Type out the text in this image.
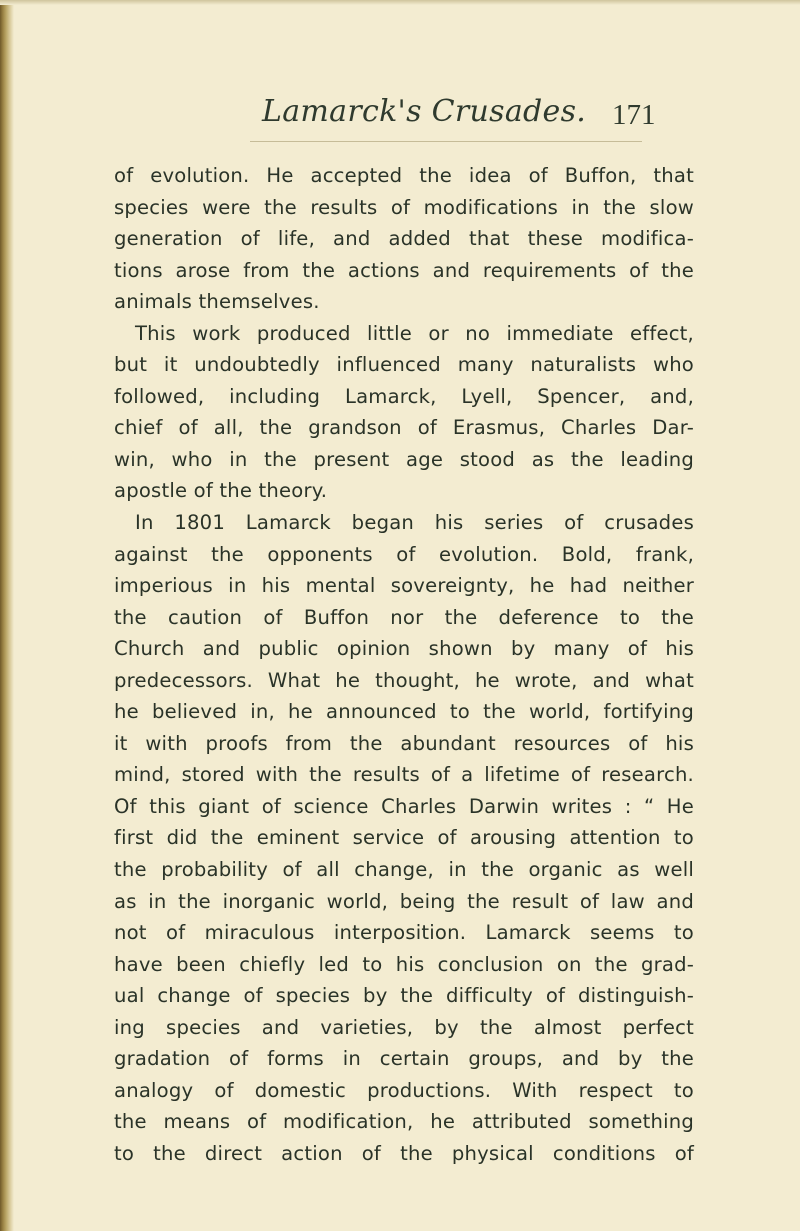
Lamarck's Crusades. 171
of evolution. He accepted the idea of Buffon, that
species were the results of modifications in the slow
generation of life, and added that these modifica-
tions arose from the actions and requirements of the
animals themselves.
This work produced little or no immediate effect,
but it undoubtedly influenced many naturalists who
followed, including Lamarck, Lyell, Spencer, and,
chief of all, the grandson of Erasmus, Charles Dar-
win, who in the present age stood as the leading
apostle of the theory.
In 1801 Lamarck began his series of crusades
against the opponents of evolution. Bold, frank,
imperious in his mental sovereignty, he had neither
the caution of Buffon nor the deference to the
Church and public opinion shown by many of his
predecessors. What he thought, he wrote, and what
he believed in, he announced to the world, fortifying
it with proofs from the abundant resources of his
mind, stored with the results of a lifetime of research.
Of this giant of science Charles Darwin writes : “ He
first did the eminent service of arousing attention to
the probability of all change, in the organic as well
as in the inorganic world, being the result of law and
not of miraculous interposition. Lamarck seems to
have been chiefly led to his conclusion on the grad-
ual change of species by the difficulty of distinguish-
ing species and varieties, by the almost perfect
gradation of forms in certain groups, and by the
analogy of domestic productions. With respect to
the means of modification, he attributed something
to the direct action of the physical conditions of
